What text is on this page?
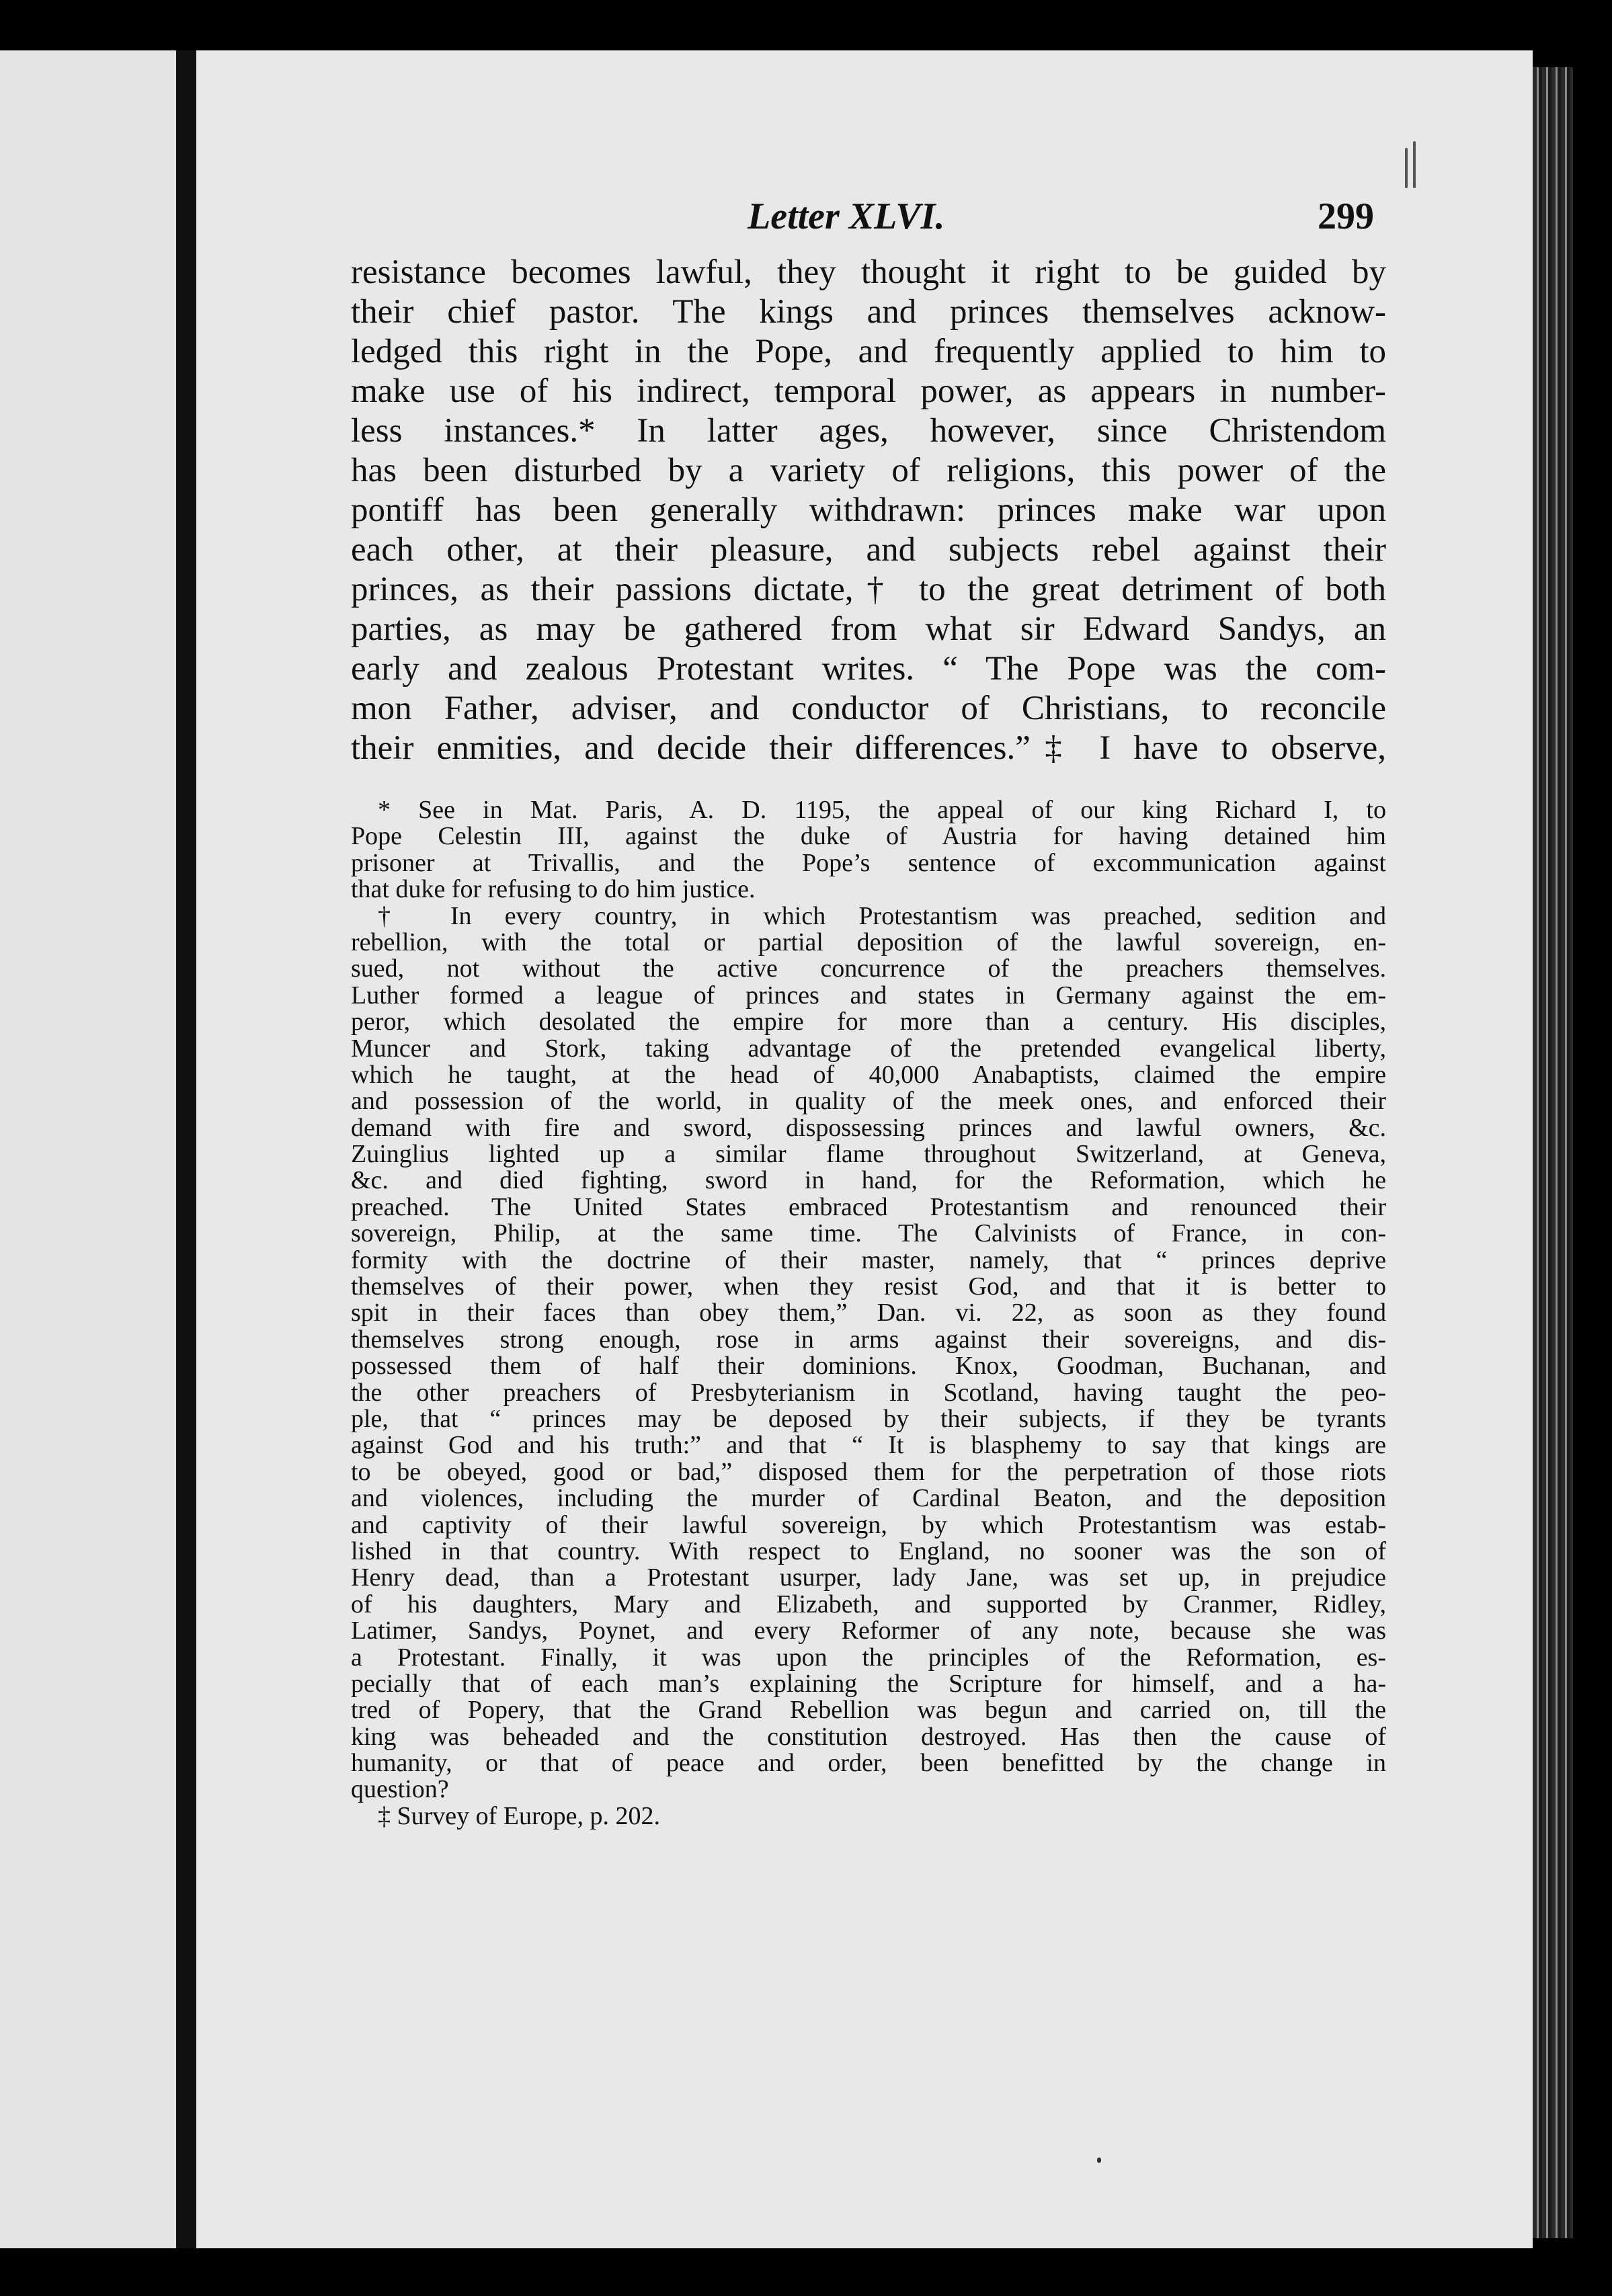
Letter XLVI.	299
resistance becomes lawful, they thought it right to be guided by
their chief pastor. The kings and princes themselves acknow-
ledged this right in the Pope, and frequently applied to him to
make use of his indirect, temporal power, as appears in number-
less instances.* In latter ages, however, since Christendom
has been disturbed by a variety of religions, this power of the
pontiff has been generally withdrawn: princes make war upon
each other, at their pleasure, and subjects rebel against their
princes, as their passions dictate,† to the great detriment of both
parties, as may be gathered from what sir Edward Sandys, an
early and zealous Protestant writes. “ The Pope was the com-
mon Father, adviser, and conductor of Christians, to reconcile
their enmities, and decide their differences.”‡ I have to observe,
* See in Mat. Paris, A. D. 1195, the appeal of our king Richard I, to
Pope Celestin III, against the duke of Austria for having detained him
prisoner at Trivallis, and the Pope’s sentence of excommunication against
that duke for refusing to do him justice.
† In every country, in which Protestantism was preached, sedition and
rebellion, with the total or partial deposition of the lawful sovereign, en-
sued, not without the active concurrence of the preachers themselves.
Luther formed a league of princes and states in Germany against the em-
peror, which desolated the empire for more than a century. His disciples,
Muncer and Stork, taking advantage of the pretended evangelical liberty,
which he taught, at the head of 40,000 Anabaptists, claimed the empire
and possession of the world, in quality of the meek ones, and enforced their
demand with fire and sword, dispossessing princes and lawful owners, &c.
Zuinglius lighted up a similar flame throughout Switzerland, at Geneva,
&c. and died fighting, sword in hand, for the Reformation, which he
preached. The United States embraced Protestantism and renounced their
sovereign, Philip, at the same time. The Calvinists of France, in con-
formity with the doctrine of their master, namely, that “ princes deprive
themselves of their power, when they resist God, and that it is better to
spit in their faces than obey them,” Dan. vi. 22, as soon as they found
themselves strong enough, rose in arms against their sovereigns, and dis-
possessed them of half their dominions. Knox, Goodman, Buchanan, and
the other preachers of Presbyterianism in Scotland, having taught the peo-
ple, that “ princes may be deposed by their subjects, if they be tyrants
against God and his truth:” and that “ It is blasphemy to say that kings are
to be obeyed, good or bad,” disposed them for the perpetration of those riots
and violences, including the murder of Cardinal Beaton, and the deposition
and captivity of their lawful sovereign, by which Protestantism was estab-
lished in that country. With respect to England, no sooner was the son of
Henry dead, than a Protestant usurper, lady Jane, was set up, in prejudice
of his daughters, Mary and Elizabeth, and supported by Cranmer, Ridley,
Latimer, Sandys, Poynet, and every Reformer of any note, because she was
a Protestant. Finally, it was upon the principles of the Reformation, es-
pecially that of each man’s explaining the Scripture for himself, and a ha-
tred of Popery, that the Grand Rebellion was begun and carried on, till the
king was beheaded and the constitution destroyed. Has then the cause of
humanity, or that of peace and order, been benefitted by the change in
question?
‡ Survey of Europe, p. 202.
